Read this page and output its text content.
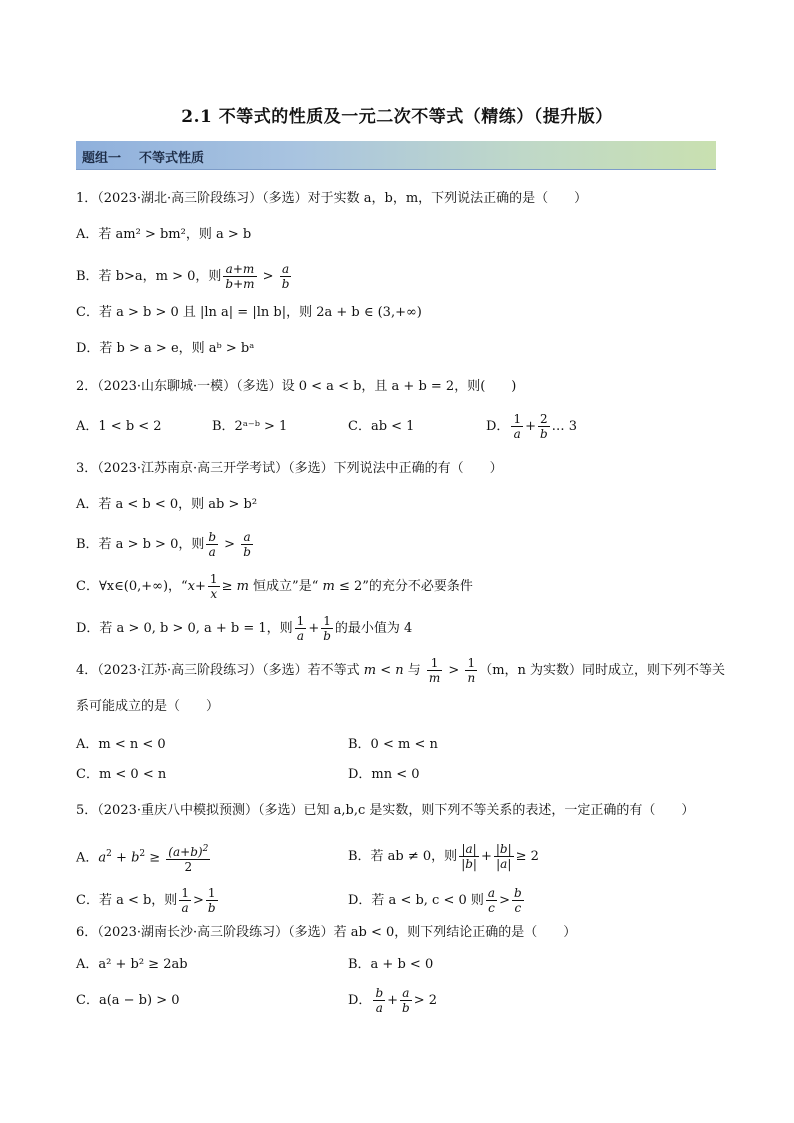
2.1 不等式的性质及一元二次不等式（精练）（提升版）
题组一 不等式性质
1．（2023·湖北·高三阶段练习）（多选）对于实数 a，b，m，下列说法正确的是（　　）
A．若 am² > bm²，则 a > b
B．若 b>a，m > 0，则 $\frac{a+m}{b+m} > \frac{a}{b}$
C．若 a > b > 0 且 |ln a| = |ln b|，则 2a + b ∈ (3,+∞)
D．若 b > a > e，则 aᵇ > bᵃ
2．（2023·山东聊城·一模）（多选）设 0 < a < b，且 a + b = 2，则(　　)
A．1 < b < 2	B．2ᵃ⁻ᵇ > 1	C．ab < 1	D． $\frac{1}{a} + \frac{2}{b}$ … 3
3．（2023·江苏南京·高三开学考试）（多选）下列说法中正确的有（　　）
A．若 a < b < 0，则 ab > b²
B．若 a > b > 0，则 $\frac{b}{a} > \frac{a}{b}$
C．∀x∈(0,+∞)，“$x+ \frac{1}{x} \ge m$ 恒成立”是“ m ≤ 2”的充分不必要条件
D．若 a > 0, b > 0, a + b = 1，则 $\frac{1}{a} + \frac{1}{b}$ 的最小值为 4
4．（2023·江苏·高三阶段练习）（多选）若不等式 m < n 与 $\frac{1}{m} > \frac{1}{n} (m$，n 为实数）同时成立，则下列不等关
系可能成立的是（　　）
A．m < n < 0	B．0 < m < n
C．m < 0 < n	D．mn < 0
5．（2023·重庆八中模拟预测）（多选）已知 a,b,c 是实数，则下列不等关系的表述，一定正确的有（　　）
A．$a^2 + b^2 \ge \frac{(a+b)^2}{2}$	B．若 ab ≠ 0，则 $\frac{|a|}{|b|} + \frac{|b|}{|a|} \ge 2$
C．若 a < b，则 $\frac{1}{a} > \frac{1}{b}$	D．若 a < b, c < 0 则 $\frac{a}{c} > \frac{b}{c}$
6．（2023·湖南长沙·高三阶段练习）（多选）若 ab < 0，则下列结论正确的是（　　）
A．a² + b² ≥ 2ab	B．a + b < 0
C．a(a − b) > 0	D． $\frac{b}{a} + \frac{a}{b} > 2$
